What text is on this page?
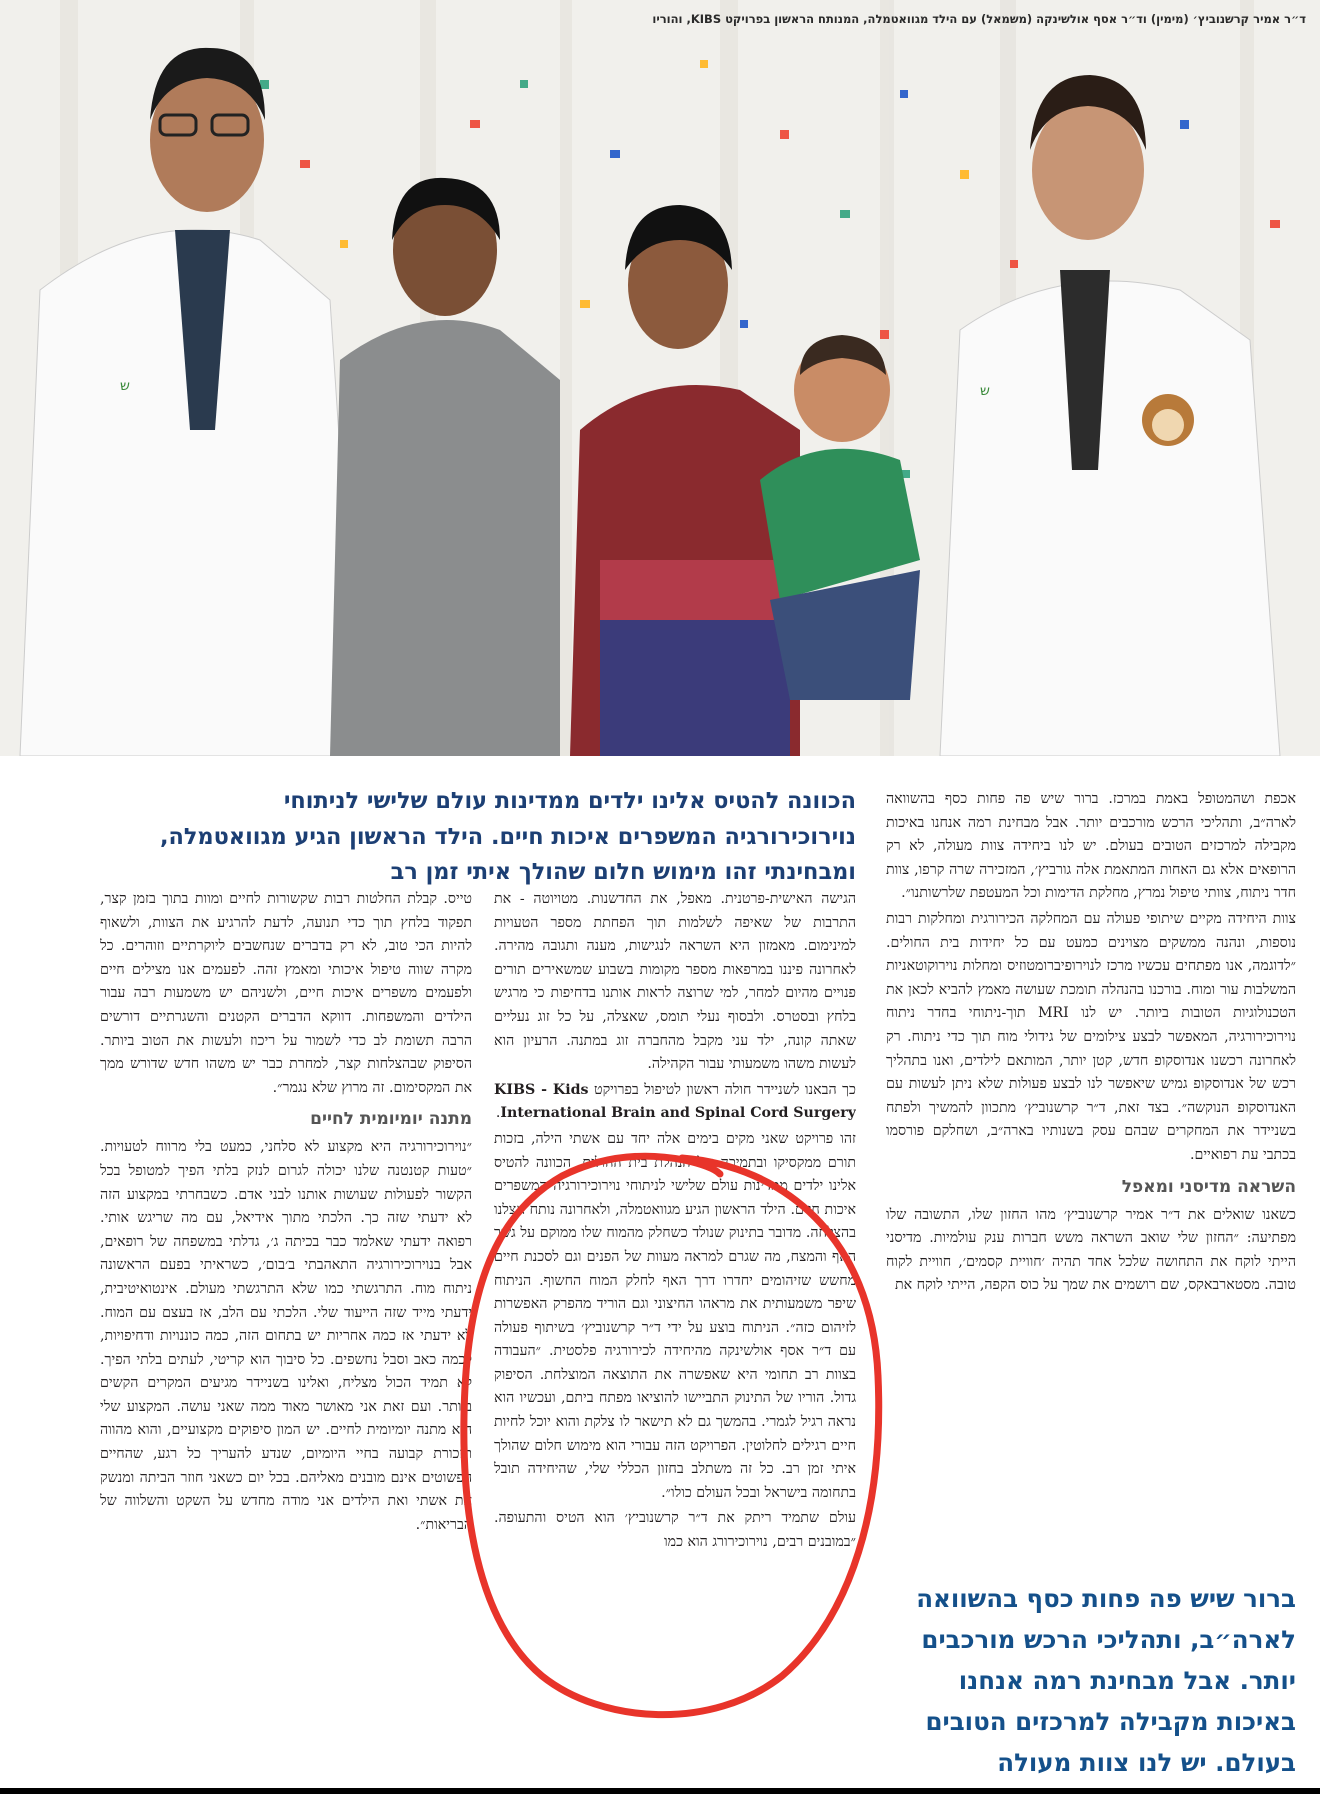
ש	ש
ד״ר אמיר קרשנוביץ׳ (מימין) וד״ר אסף אולשינקה (משמאל) עם הילד מגוואטמלה, המנותח הראשון בפרויקט KIBS, והוריו
הכוונה להטיס אלינו ילדים ממדינות עולם שלישי לניתוחי נוירוכירורגיה המשפרים איכות חיים. הילד הראשון הגיע מגוואטמלה, ומבחינתי זהו מימוש חלום שהולך איתי זמן רב

אכפת ושהמטופל באמת במרכז. ברור שיש פה פחות כסף בהשוואה לארה״ב, ותהליכי הרכש מורכבים יותר. אבל מבחינת רמה אנחנו באיכות מקבילה למרכזים הטובים בעולם. יש לנו ביחידה צוות מעולה, לא רק הרופאים אלא גם האחות המתאמת אלה גורביץ׳, המזכירה שרה קרפו, צוות חדר ניתוח, צוותי טיפול נמרץ, מחלקת הדימות וכל המעטפת שלרשותנו״.

צוות היחידה מקיים שיתופי פעולה עם המחלקה הכירורגית ומחלקות רבות נוספות, ונהנה ממשקים מצוינים כמעט עם כל יחידות בית החולים. ״לדוגמה, אנו מפתחים עכשיו מרכז לנוירופיברומטוזיס ומחלות נוירוקוטאניות המשלבות עור ומוח. בורכנו בהנהלה תומכת שעושה מאמץ להביא לכאן את הטכנולוגיות הטובות ביותר. יש לנו MRI תוך-ניתוחי בחדר ניתוח נוירוכירורגיה, המאפשר לבצע צילומים של גידולי מוח תוך כדי ניתוח. רק לאחרונה רכשנו אנדוסקופ חדש, קטן יותר, המותאם לילדים, ואנו בתהליך רכש של אנדוסקופ גמיש שיאפשר לנו לבצע פעולות שלא ניתן לעשות עם האנדוסקופ הנוקשה״. בצד זאת, ד״ר קרשנוביץ׳ מתכוון להמשיך ולפתח בשניידר את המחקרים שבהם עסק בשנותיו בארה״ב, ושחלקם פורסמו בכתבי עת רפואיים.

השראה מדיסני ומאפל

כשאנו שואלים את ד״ר אמיר קרשנוביץ׳ מהו החזון שלו, התשובה שלו מפתיעה: ״החזון שלי שואב השראה משש חברות ענק עולמיות. מדיסני הייתי לוקח את התחושה שלכל אחד תהיה ׳חוויית קסמים׳, חוויית לקוח טובה. מסטארבאקס, שם רושמים את שמך על כוס הקפה, הייתי לוקח את

ברור שיש פה פחות כסף בהשוואה לארה״ב, ותהליכי הרכש מורכבים יותר. אבל מבחינת רמה אנחנו באיכות מקבילה למרכזים הטובים בעולם. יש לנו צוות מעולה

הגישה האישית-פרטנית. מאפל, את החדשנות. מטויוטה - את התרבות של שאיפה לשלמות תוך הפחתת מספר הטעויות למינימום. מאמזון היא השראה לנגישות, מענה ותגובה מהירה. לאחרונה פיננו במרפאות מספר מקומות בשבוע שמשאירים תורים פנויים מהיום למחר, למי שרוצה לראות אותנו בדחיפות כי מרגיש בלחץ ובסטרס. ולבסוף נעלי תומס, שאצלה, על כל זוג נעליים שאתה קונה, ילד עני מקבל מהחברה זוג במתנה. הרעיון הוא לעשות משהו משמעותי עבור הקהילה.

כך הבאנו לשניידר חולה ראשון לטיפול בפרויקט KIBS - Kids International Brain and Spinal Cord Surgery.

זהו פרויקט שאני מקים בימים אלה יחד עם אשתי הילה, בזכות תורם ממקסיקו ובתמיכה של הנהלת בית החולים. הכוונה להטיס אלינו ילדים ממדינות עולם שלישי לניתוחי נוירוכירורגיה המשפרים איכות חיים. הילד הראשון הגיע מגוואטמלה, ולאחרונה נותח אצלנו בהצלחה. מדובר בתינוק שנולד כשחלק מהמוח שלו ממוקם על גשר האף והמצח, מה שגרם למראה מעוות של הפנים וגם לסכנת חיים מחשש שזיהומים יחדרו דרך האף לחלק המוח החשוף. הניתוח שיפר משמעותית את מראהו החיצוני וגם הוריד מהפרק האפשרות לזיהום כזה״. הניתוח בוצע על ידי ד״ר קרשנוביץ׳ בשיתוף פעולה עם ד״ר אסף אולשינקה מהיחידה לכירורגיה פלסטית. ״העבודה בצוות רב תחומי היא שאפשרה את התוצאה המוצלחת. הסיפוק גדול. הוריו של התינוק התביישו להוציאו מפתח ביתם, ועכשיו הוא נראה רגיל לגמרי. בהמשך גם לא תישאר לו צלקת והוא יוכל לחיות חיים רגילים לחלוטין. הפרויקט הזה עבורי הוא מימוש חלום שהולך איתי זמן רב. כל זה משתלב בחזון הכללי שלי, שהיחידה תובל בתחומה בישראל ובכל העולם כולו״.

עולם שתמיד ריתק את ד״ר קרשנוביץ׳ הוא הטיס והתעופה. ״במובנים רבים, נוירוכירורג הוא כמו

טייס. קבלת החלטות רבות שקשורות לחיים ומוות בתוך בזמן קצר, תפקוד בלחץ תוך כדי תנועה, לדעת להרגיע את הצוות, ולשאוף להיות הכי טוב, לא רק בדברים שנחשבים ליוקרתיים וזוהרים. כל מקרה שווה טיפול איכותי ומאמץ זהה. לפעמים אנו מצילים חיים ולפעמים משפרים איכות חיים, ולשניהם יש משמעות רבה עבור הילדים והמשפחות. דווקא הדברים הקטנים והשגרתיים דורשים הרבה תשומת לב כדי לשמור על ריכוז ולעשות את הטוב ביותר. הסיפוק שבהצלחות קצר, למחרת כבר יש משהו חדש שדורש ממך את המקסימום. זה מרוץ שלא נגמר״.

מתנה יומיומית לחיים

״נוירוכירורגיה היא מקצוע לא סלחני, כמעט בלי מרווח לטעויות. ״טעות קטנטנה שלנו יכולה לגרום לנזק בלתי הפיך למטופל בכל הקשור לפעולות שעושות אותנו לבני אדם. כשבחרתי במקצוע הזה לא ידעתי שזה כך. הלכתי מתוך אידיאל, עם מה שריגש אותי. רפואה ידעתי שאלמד כבר בכיתה ג׳, גדלתי במשפחה של רופאים, אבל בנוירוכירורגיה התאהבתי ב׳בום׳, כשראיתי בפעם הראשונה ניתוח מוח. התרגשתי כמו שלא התרגשתי מעולם. אינטואיטיבית, ידעתי מייד שזה הייעוד שלי. הלכתי עם הלב, אז בעצם עם המוח. לא ידעתי אז כמה אחריות יש בתחום הזה, כמה כוננויות ודחיפויות, לכמה כאב וסבל נחשפים. כל סיבוך הוא קריטי, לעתים בלתי הפיך. לא תמיד הכול מצליח, ואלינו בשניידר מגיעים המקרים הקשים ביותר. ועם זאת אני מאושר מאוד ממה שאני עושה. המקצוע שלי הוא מתנה יומיומית לחיים. יש המון סיפוקים מקצועיים, והוא מהווה תזכורת קבועה בחיי היומיום, שנדע להעריך כל רגע, שהחיים הפשוטים אינם מובנים מאליהם. בכל יום כשאני חוזר הביתה ומנשק את אשתי ואת הילדים אני מודה מחדש על השקט והשלווה של הבריאות״.
